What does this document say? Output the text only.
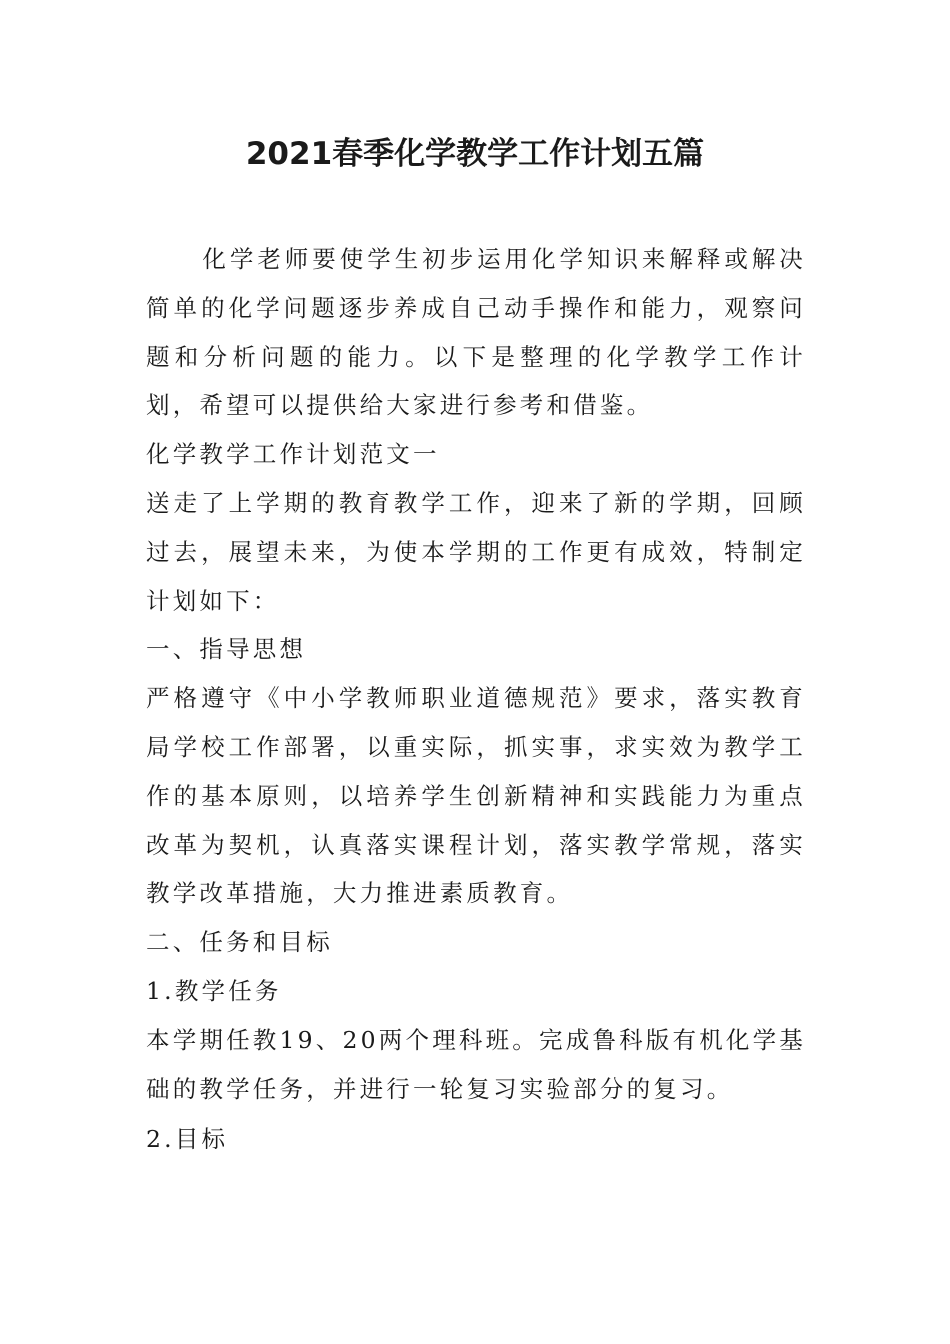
2021春季化学教学工作计划五篇

化学老师要使学生初步运用化学知识来解释或解决简单的化学问题逐步养成自己动手操作和能力，观察问题和分析问题的能力。以下是整理的化学教学工作计划，希望可以提供给大家进行参考和借鉴。

化学教学工作计划范文一

送走了上学期的教育教学工作，迎来了新的学期，回顾过去，展望未来，为使本学期的工作更有成效，特制定计划如下：

一、指导思想

严格遵守《中小学教师职业道德规范》要求，落实教育局学校工作部署，以重实际，抓实事，求实效为教学工作的基本原则，以培养学生创新精神和实践能力为重点改革为契机，认真落实课程计划，落实教学常规，落实教学改革措施，大力推进素质教育。

二、任务和目标

1.教学任务

本学期任教19、20两个理科班。完成鲁科版有机化学基础的教学任务，并进行一轮复习实验部分的复习。

2.目标
